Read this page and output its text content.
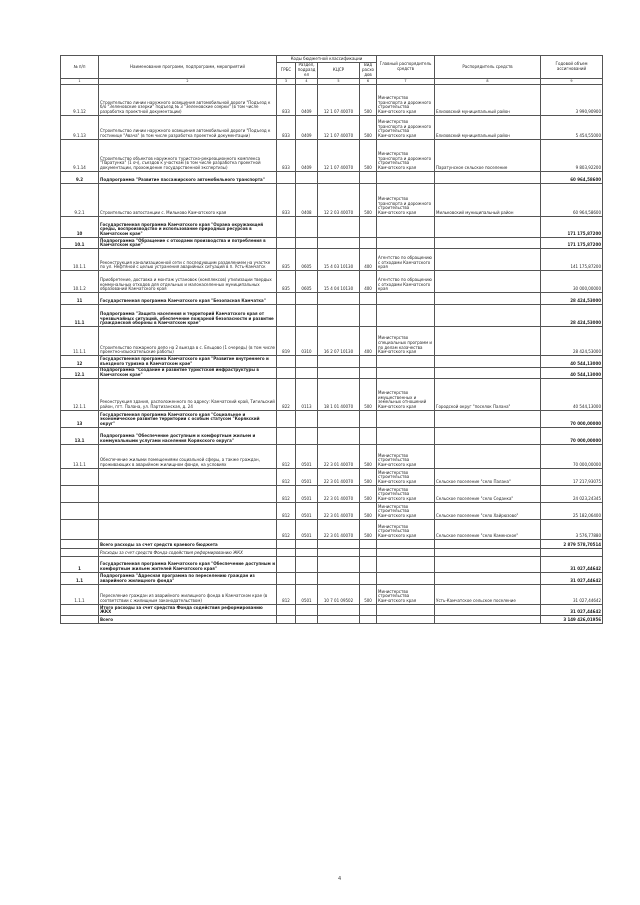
№ п/п	Наименование программ, подпрограмм, мероприятий	Коды бюджетной классификации				Главный распорядитель средств	Распорядитель средств	Годовой объем ассигнований
		ГРБС	Раздел, подраздел	КЦСР	Вид расходов			
1	2	3	4	5	6	7	8	9
9.1.12	Строительство линии наружного освещения автомобильной дороги "Подъезд к б/о "Зеленовские озерки" подъезд № 3 "Зеленовские озерки" (в том числе разработка проектной документации)	833	0409	12 1 07 40070	500	Министерство транспорта и дорожного строительства Камчатского края	Елизовский муниципальный район	3 990,90900
9.1.13	Строительство линии наружного освещения автомобильной дороги "Подъезд к гостинице "Авача" (в том числе разработка проектной документации)	833	0409	12 1 07 40070	500	Министерство транспорта и дорожного строительства Камчатского края	Елизовский муниципальный район	5 454,55000
9.1.14	Строительство объектов наружного туристско-рекреационного комплекса "Паратунка" (1 оч), съездов к участкам (в том числе разработка проектной документации, прохождение государственной экспертизы)	833	0409	12 1 07 40070	500	Министерство транспорта и дорожного строительства Камчатского края	Паратунское сельское поселение	9 803,92200
9.2	Подпрограмма "Развитие пассажирского автомобильного транспорта"							60 964,58600
9.2.1	Строительство автостанции с. Мильково Камчатского края	833	0408	12 2 03 40070	500	Министерство транспорта и дорожного строительства Камчатского края	Мильковский муниципальный район	60 964,58600
10	Государственная программа Камчатского края "Охрана окружающей среды, воспроизводство и использование природных ресурсов в Камчатском крае"							171 175,87200
10.1	Подпрограмма "Обращение с отходами производства и потребления в Камчатском крае"							171 175,87200
10.1.1	Реконструкция канализационной сети с последующим разделением на участке по ул. Нефтяной с целью устранения аварийных ситуаций в п. Усть-Камчатск	835	0605	15 4 03 10130	400	Агентство по обращению с отходами Камчатского края		141 175,87200
10.1.2	Приобретение, доставка и монтаж установок (комплексов) утилизации твердых коммунальных отходов для отдельных и малонаселенных муниципальных образований Камчатского края	835	0605	15 4 04 10130	400	Агентство по обращению с отходами Камчатского края		30 000,00000
11	Государственная программа Камчатского края "Безопасная Камчатка"							28 424,53000
11.1	Подпрограмма "Защита населения и территорий Камчатского края от чрезвычайных ситуаций, обеспечение пожарной безопасности и развитие гражданской обороны в Камчатском крае"							28 424,53000
11.1.1	Строительство пожарного депо на 2 выезда в с. Ельцово (1 очередь) (в том числе проектно-изыскательские работы)	819	0310	16 2 07 10130	400	Министерство специальных программ и по делам казачества Камчатского края		28 424,53000
12	Государственная программа Камчатского края "Развитие внутреннего и въездного туризма в Камчатском крае"							40 544,13000
12.1	Подпрограмма "Создание и развитие туристской инфраструктуры в Камчатском крае"							40 544,13000
12.1.1	Реконструкция здания, расположенного по адресу: Камчатский край, Тигильский район, пгт. Палана, ул. Партизанская, д. 24	822	0113	18 1 01 40070	500	Министерство имущественных и земельных отношений Камчатского края	Городской округ "поселок Палана"	40 544,13000
13	Государственная программа Камчатского края "Социальное и экономическое развитие территории с особым статусом "Корякский округ"							70 000,00000
13.1	Подпрограмма "Обеспечение доступным и комфортным жильем и коммунальными услугами населения Корякского округа"							70 000,00000
13.1.1	Обеспечение жилыми помещениями социальной сферы, а также граждан, проживающих в аварийном жилищном фонде, на условиях	812	0501	22 3 01 40070	500	Министерство строительства Камчатского края		70 000,00000
		812	0501	22 3 01 40070	500	Министерство строительства Камчатского края	Сельское поселение "село Палана"	17 217,93075
		812	0501	22 3 01 40070	500	Министерство строительства Камчатского края	Сельское поселение "село Седанка"	24 023,24345
		812	0501	22 3 01 40070	500	Министерство строительства Камчатского края	Сельское поселение "село Хайрюзово"	25 182,06400
		812	0501	22 3 01 40070	500	Министерство строительства Камчатского края	Сельское поселение "село Каменское"	3 576,77880
	Всего расходы за счет средств краевого бюджета							2 879 578,70514
	Расходы за счет средств Фонда содействия реформированию ЖКХ							
1	Государственная программа Камчатского края "Обеспечение доступным и комфортным жильем жителей Камчатского края"							31 027,44642
1.1	Подпрограмма "Адресная программа по переселению граждан из аварийного жилищного фонда"							31 027,44642
1.1.1	Переселение граждан из аварийного жилищного фонда в Камчатском крае (в соответствии с жилищным законодательством)	812	0501	10 7 01 09502	500	Министерство строительства Камчатского края	Усть-Камчатское сельское поселение	31 027,44642
	Итого расходы за счет средства Фонда содействия реформированию ЖКХ							31 027,44642
	Всего							3 149 426,01956
4
